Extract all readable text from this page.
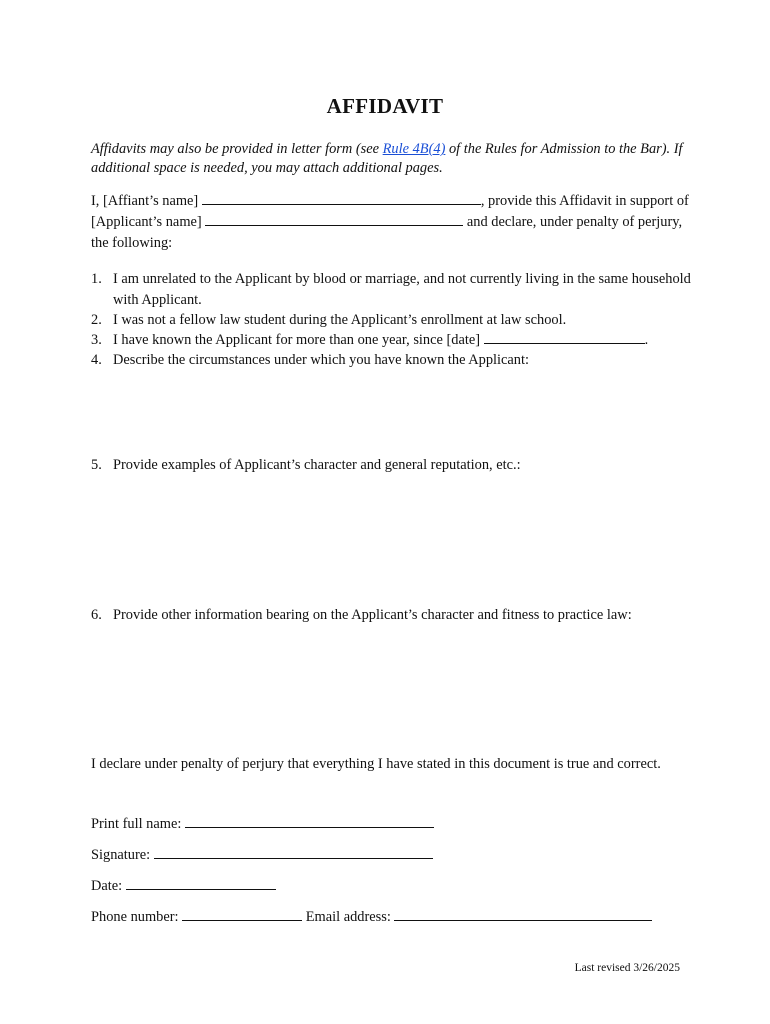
AFFIDAVIT
Affidavits may also be provided in letter form (see Rule 4B(4) of the Rules for Admission to the Bar). If additional space is needed, you may attach additional pages.
I, [Affiant’s name]	, provide this Affidavit in support of [Applicant’s name]	and declare, under penalty of perjury, the following:
1. I am unrelated to the Applicant by blood or marriage, and not currently living in the same household with Applicant.
2. I was not a fellow law student during the Applicant’s enrollment at law school.
3. I have known the Applicant for more than one year, since [date]	.
4. Describe the circumstances under which you have known the Applicant:
5. Provide examples of Applicant’s character and general reputation, etc.:
6. Provide other information bearing on the Applicant’s character and fitness to practice law:
I declare under penalty of perjury that everything I have stated in this document is true and correct.
Print full name:
Signature:
Date:
Phone number:	Email address:
Last revised 3/26/2025
